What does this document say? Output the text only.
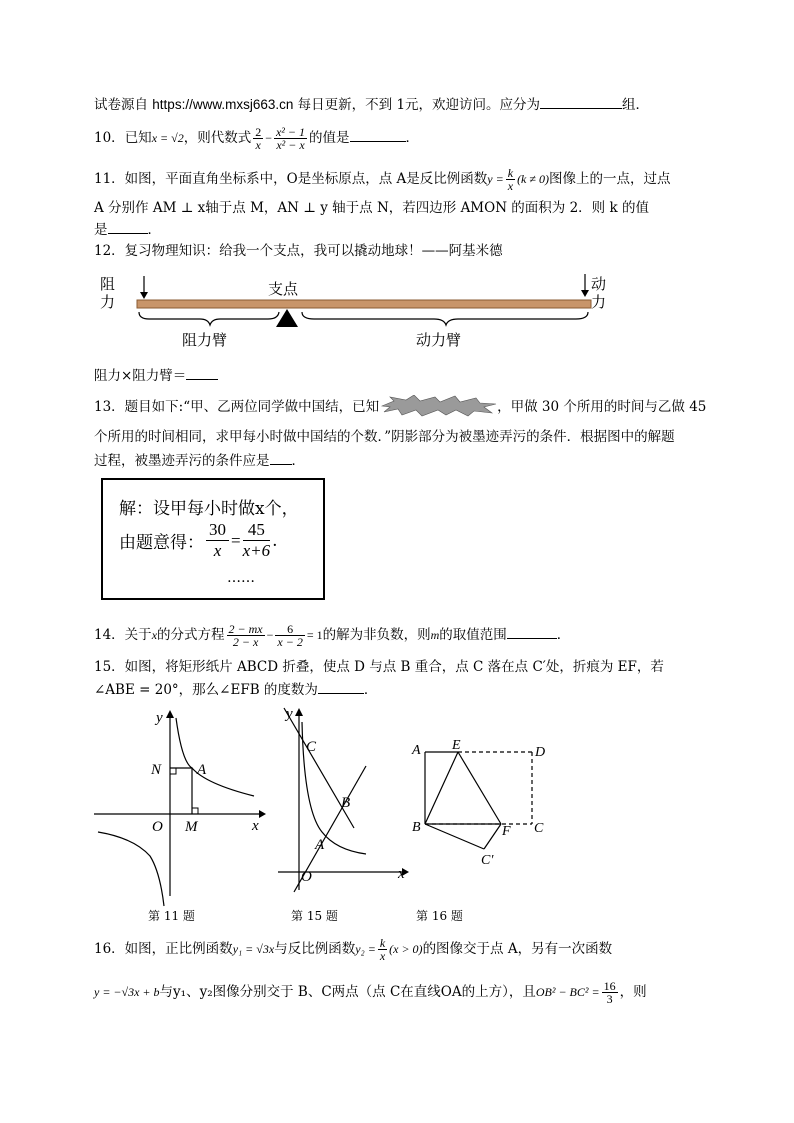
试卷源自 https://www.mxsj663.cn 每日更新，不到 1元，欢迎访问。应分为	组．
10．已知x = √2，则代数式 $\frac{2}{x} - \frac{\text{x² − 1}}{\text{x² − x}}$ 的值是	．
11．如图，平面直角坐标系中，O是坐标原点，点 A是反比例函数$y = \frac{k}{x} (k \ne 0)$图像上的一点，过点
A 分别作 AM ⊥ x轴于点 M，AN ⊥ y 轴于点 N，若四边形 AMON 的面积为 2．则 k 的值
是	．
12．复习物理知识：给我一个支点，我可以撬动地球！——阿基米德
阻
力
支点	动
力
阻力臂	动力臂
阻力×阻力臂＝
13．题目如下:“甲、乙两位同学做中国结，已知	，甲做 30 个所用的时间与乙做 45
个所用的时间相同，求甲每小时做中国结的个数．”阴影部分为被墨迹弄污的条件．根据图中的解题
过程，被墨迹弄污的条件应是 ．
解：设甲每小时做x个，
由题意得： $\frac{30}{x} = \frac{45}{x+6}$ .
……
14．关于x的分式方程 $\frac{2 - mx}{2 - x} - \frac{6}{x - 2} = 1$的解为非负数，则m的取值范围	．
15．如图，将矩形纸片 ABCD 折叠，使点 D 与点 B 重合，点 C 落在点 C′处，折痕为 EF，若
∠ABE = 20°，那么∠EFB 的度数为	．
y
x
O M
N A
第 11 题
y
x
O
A
B
C
第 15 题
A E	D
B	F C
C′
第 16 题
16．如图，正比例函数y₁ = √3x与反比例函数$y_2 = \frac{k}{x} (x > 0)$的图像交于点 A，另有一次函数
y = −√3x + b与y₁、y₂图像分别交于 B、C两点（点 C在直线OA的上方），且$OB^2 - BC^2 = \frac{16}{3}$ ，则
